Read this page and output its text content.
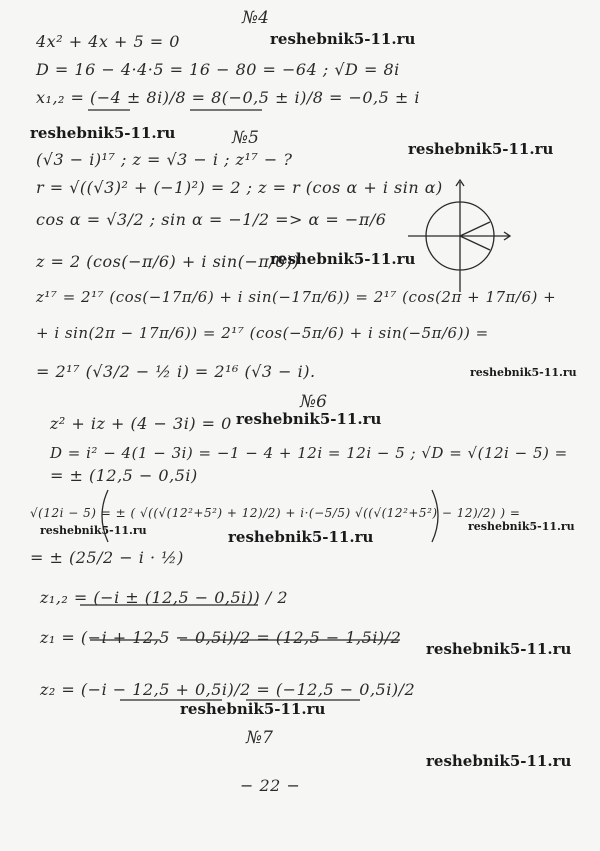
№4
4x² + 4x + 5 = 0
D = 16 − 4·4·5 = 16 − 80 = −64 ; √D = 8i
x₁,₂ = (−4 ± 8i)/8 = 8(−0,5 ± i)/8 = −0,5 ± i
№5
(√3 − i)¹⁷ ; z = √3 − i ; z¹⁷ − ?
r = √((√3)² + (−1)²) = 2 ; z = r (cos α + i sin α)
cos α = √3/2 ; sin α = −1/2 => α = −π/6
z = 2 (cos(−π/6) + i sin(−π/6))
z¹⁷ = 2¹⁷ (cos(−17π/6) + i sin(−17π/6)) = 2¹⁷ (cos(2π + 17π/6) +
+ i sin(2π − 17π/6)) = 2¹⁷ (cos(−5π/6) + i sin(−5π/6)) =
= 2¹⁷ (√3/2 − ½ i) = 2¹⁶ (√3 − i).
№6
z² + iz + (4 − 3i) = 0
D = i² − 4(1 − 3i) = −1 − 4 + 12i = 12i − 5 ; √D = √(12i − 5) =
= ± (12,5 − 0,5i)
√(12i − 5) = ± ( √((√(12²+5²) + 12)/2) + i·(−5/5) √((√(12²+5²) − 12)/2) ) =
= ± (25/2 − i · ½)
z₁,₂ = (−i ± (12,5 − 0,5i)) / 2
z₁ = (−i + 12,5 − 0,5i)/2 = (12,5 − 1,5i)/2
z₂ = (−i − 12,5 + 0,5i)/2 = (−12,5 − 0,5i)/2
№7
− 22 −
reshebnik5-11.ru
reshebnik5-11.ru
reshebnik5-11.ru
reshebnik5-11.ru
reshebnik5-11.ru
reshebnik5-11.ru
reshebnik5-11.ru
reshebnik5-11.ru	reshebnik5-11.ru
reshebnik5-11.ru
reshebnik5-11.ru
reshebnik5-11.ru
